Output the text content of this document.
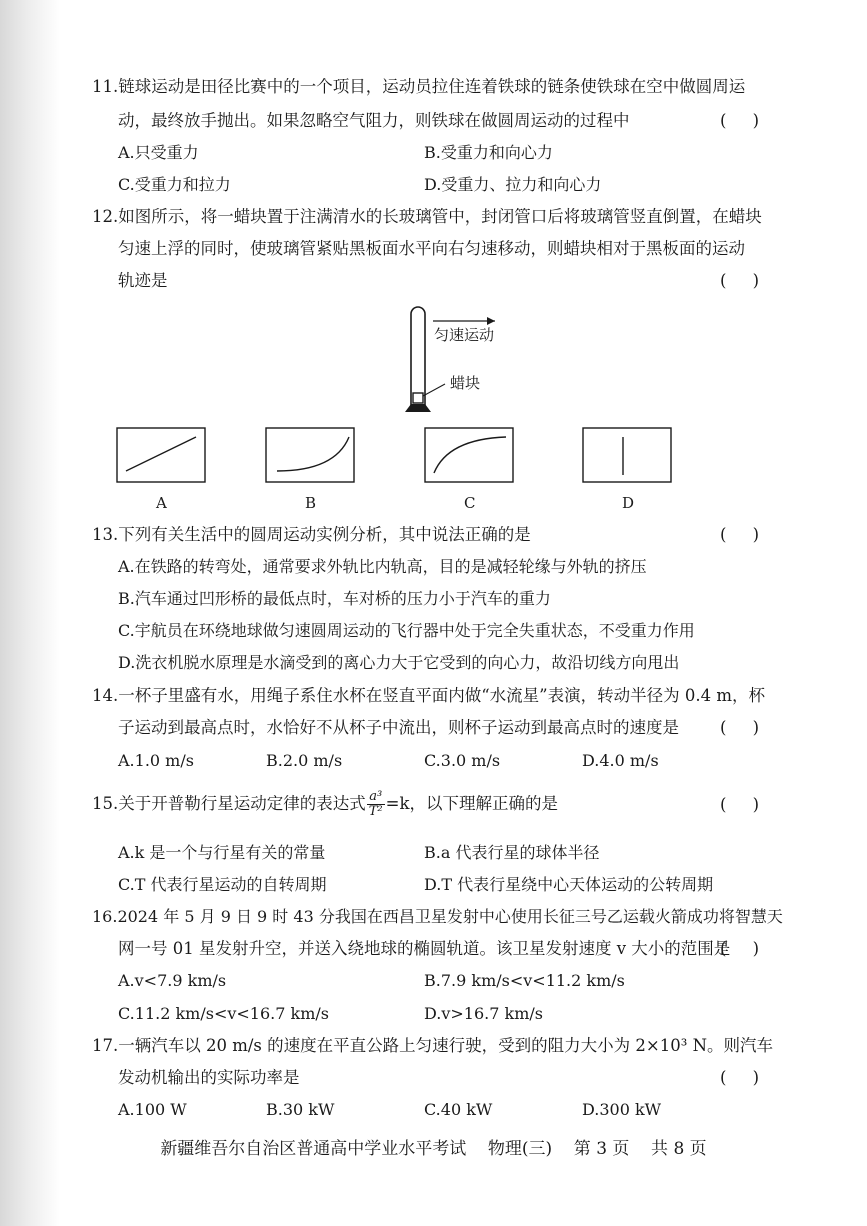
11.链球运动是田径比赛中的一个项目，运动员拉住连着铁球的链条使铁球在空中做圆周运
动，最终放手抛出。如果忽略空气阻力，则铁球在做圆周运动的过程中	(     )
A.只受重力	B.受重力和向心力
C.受重力和拉力	D.受重力、拉力和向心力
12.如图所示，将一蜡块置于注满清水的长玻璃管中，封闭管口后将玻璃管竖直倒置，在蜡块
匀速上浮的同时，使玻璃管紧贴黑板面水平向右匀速移动，则蜡块相对于黑板面的运动
轨迹是	(     )
匀速运动
蜡块
A	B	C	D
13.下列有关生活中的圆周运动实例分析，其中说法正确的是	(     )
A.在铁路的转弯处，通常要求外轨比内轨高，目的是减轻轮缘与外轨的挤压
B.汽车通过凹形桥的最低点时，车对桥的压力小于汽车的重力
C.宇航员在环绕地球做匀速圆周运动的飞行器中处于完全失重状态，不受重力作用
D.洗衣机脱水原理是水滴受到的离心力大于它受到的向心力，故沿切线方向甩出
14.一杯子里盛有水，用绳子系住水杯在竖直平面内做“水流星”表演，转动半径为 0.4 m，杯
子运动到最高点时，水恰好不从杯子中流出，则杯子运动到最高点时的速度是 (     )
A.1.0 m/s	B.2.0 m/s	C.3.0 m/s	D.4.0 m/s
15.关于开普勒行星运动定律的表达式 $\frac{\text{a³}}{\text{T²}} =k$，以下理解正确的是	(     )
A.k 是一个与行星有关的常量	B.a 代表行星的球体半径
C.T 代表行星运动的自转周期	D.T 代表行星绕中心天体运动的公转周期
16.2024 年 5 月 9 日 9 时 43 分我国在西昌卫星发射中心使用长征三号乙运载火箭成功将智慧天
网一号 01 星发射升空，并送入绕地球的椭圆轨道。该卫星发射速度 v 大小的范围是
(     )
A.v<7.9 km/s	B.7.9 km/s<v<11.2 km/s
C.11.2 km/s<v<16.7 km/s	D.v>16.7 km/s
17.一辆汽车以 20 m/s 的速度在平直公路上匀速行驶，受到的阻力大小为 2×10³ N。则汽车
发动机输出的实际功率是	(     )
A.100 W	B.30 kW	C.40 kW	D.300 kW
新疆维吾尔自治区普通高中学业水平考试    物理(三)    第 3 页    共 8 页
